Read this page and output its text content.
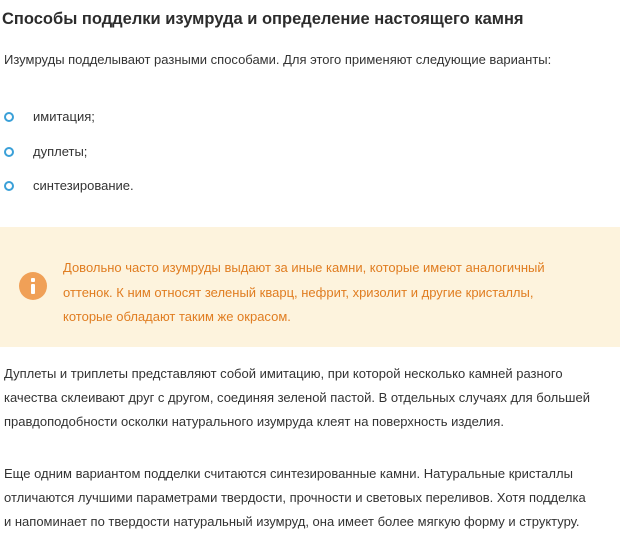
Способы подделки изумруда и определение настоящего камня

Изумруды подделывают разными способами. Для этого применяют следующие варианты:

имитация;
дуплеты;
синтезирование.
Довольно часто изумруды выдают за иные камни, которые имеют аналогичный
оттенок. К ним относят зеленый кварц, нефрит, хризолит и другие кристаллы,
которые обладают таким же окрасом.
Дуплеты и триплеты представляют собой имитацию, при которой несколько камней разного
качества склеивают друг с другом, соединяя зеленой пастой. В отдельных случаях для большей
правдоподобности осколки натурального изумруда клеят на поверхность изделия.
Еще одним вариантом подделки считаются синтезированные камни. Натуральные кристаллы
отличаются лучшими параметрами твердости, прочности и световых переливов. Хотя подделка
и напоминает по твердости натуральный изумруд, она имеет более мягкую форму и структуру.
